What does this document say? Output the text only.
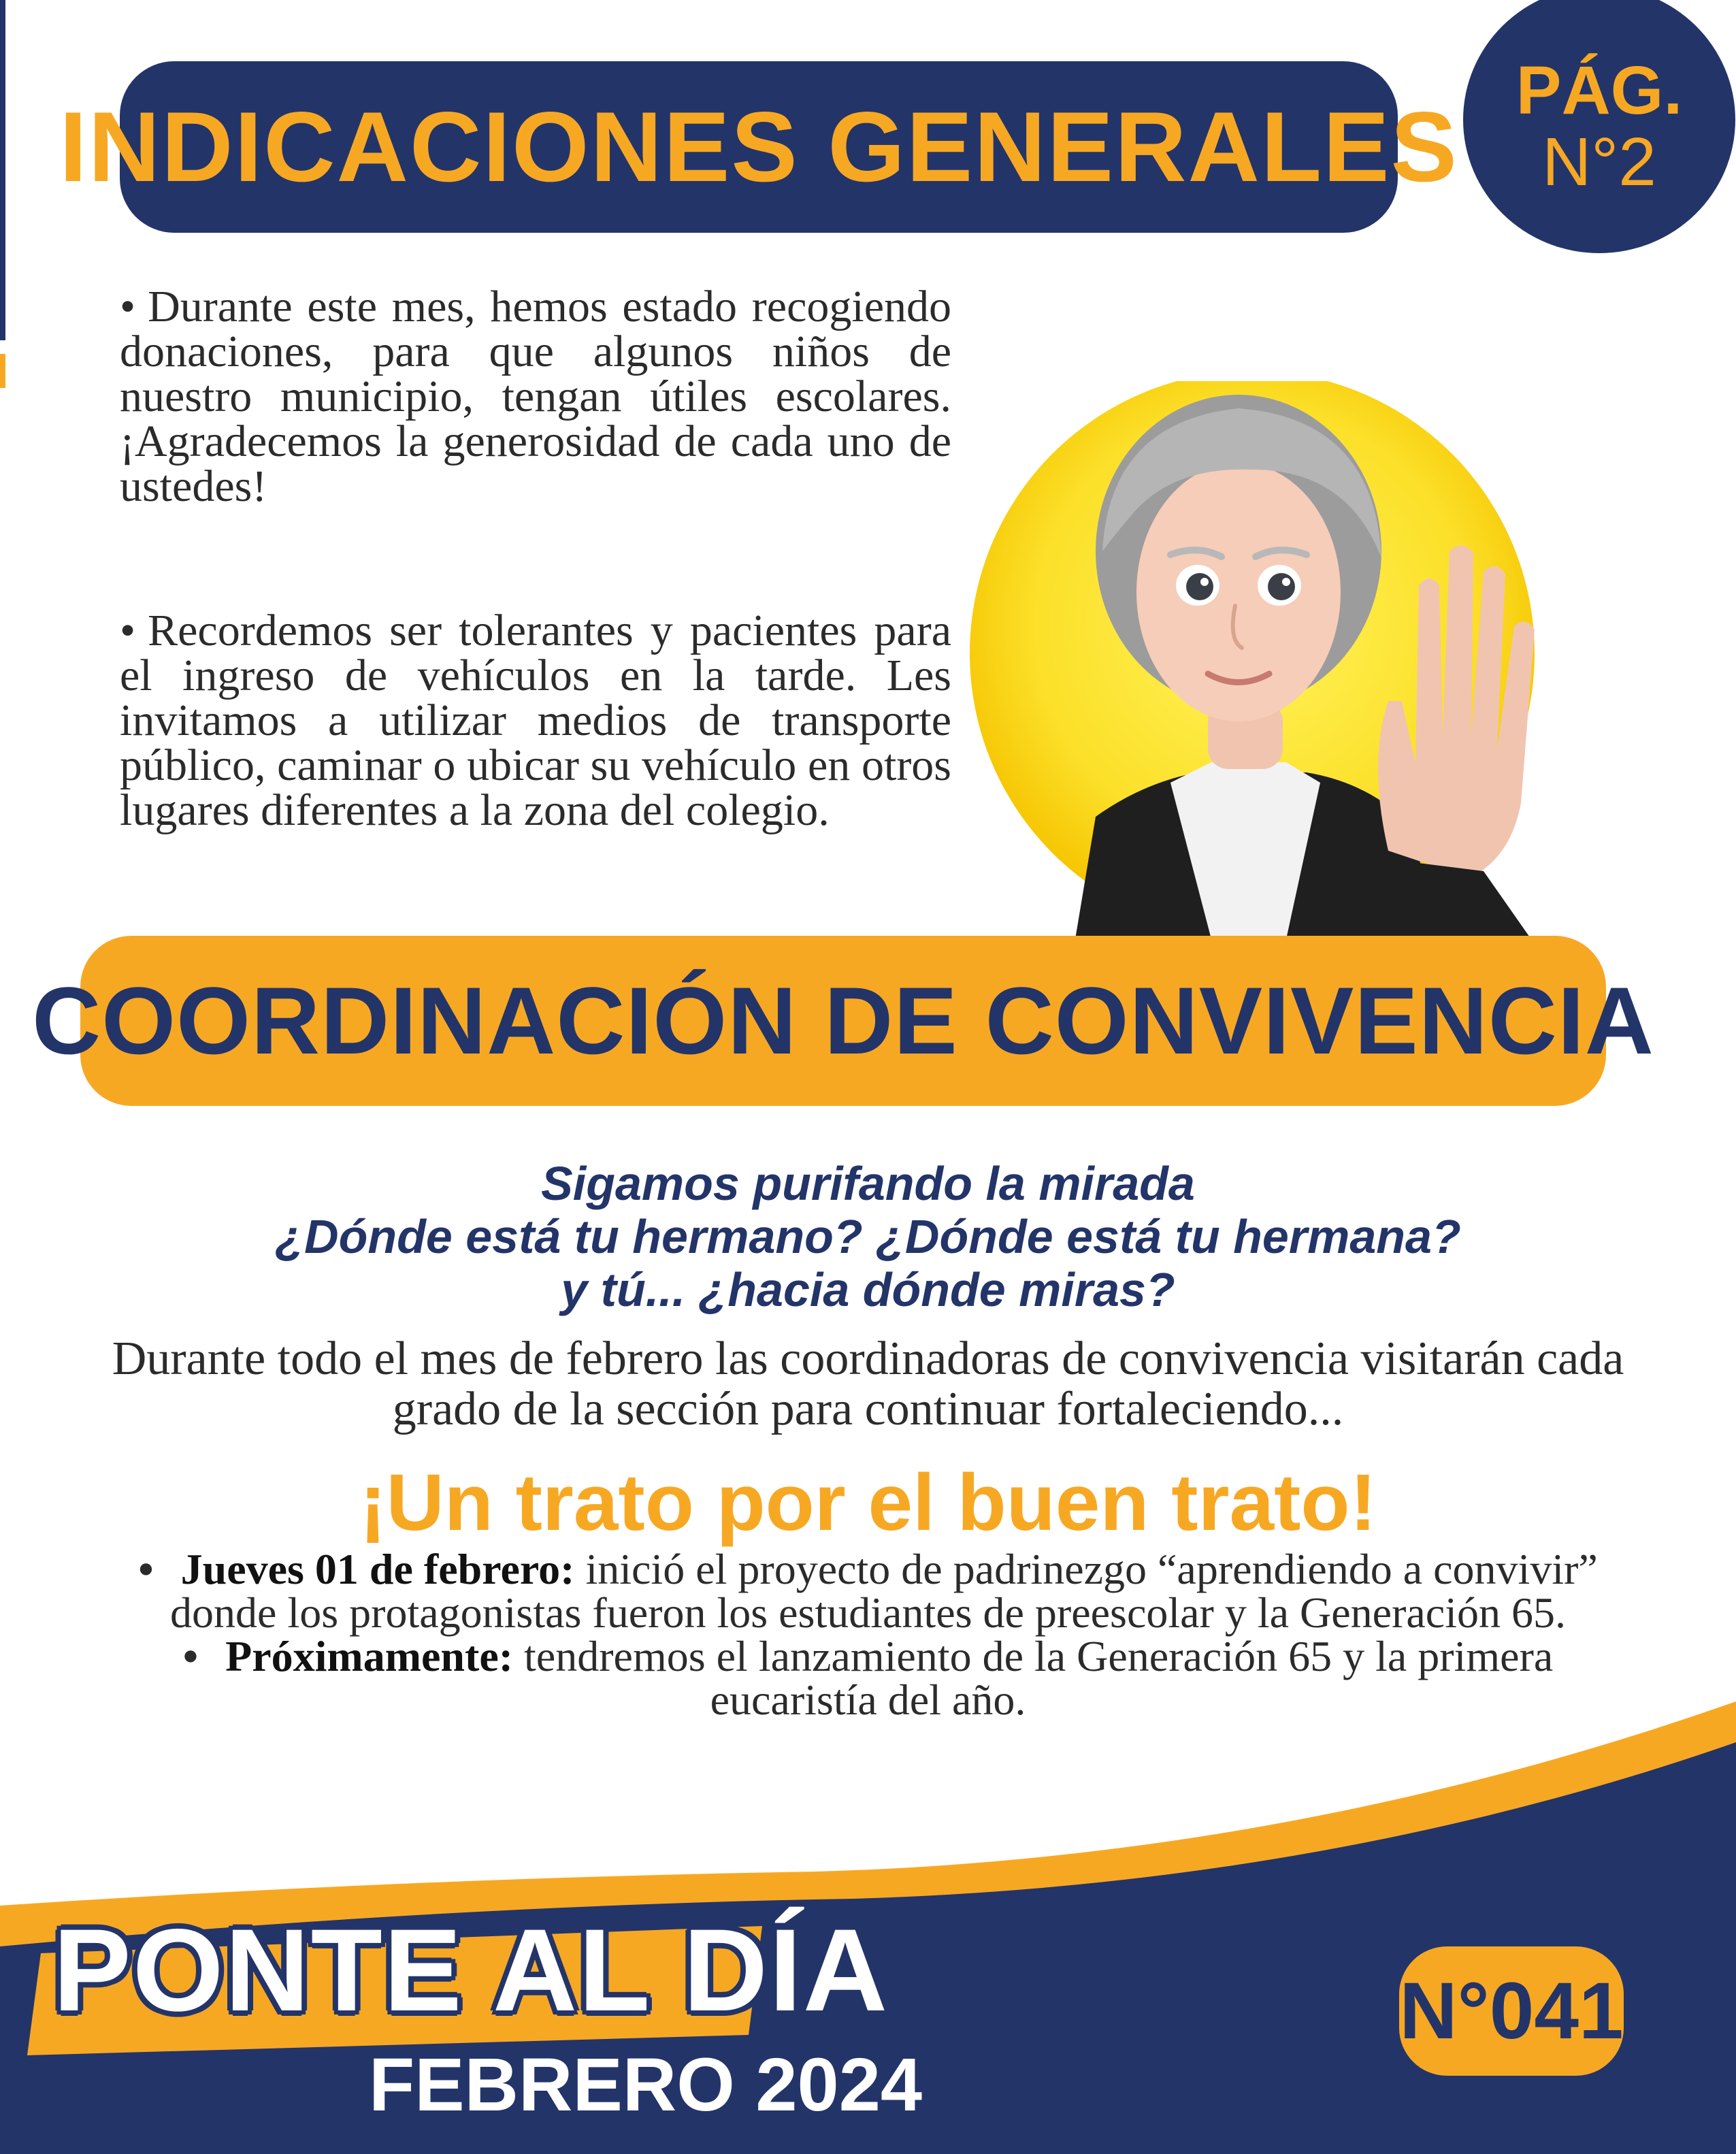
INDICACIONES GENERALES
PÁG.
N°2
• Durante este mes, hemos estado recogiendo donaciones, para que algunos niños de nuestro municipio, tengan útiles escolares. ¡Agradecemos la generosidad de cada uno de ustedes!
• Recordemos ser tolerantes y pacientes para el ingreso de vehículos en la tarde. Les invitamos a utilizar medios de transporte público, caminar o ubicar su vehículo en otros lugares diferentes a la zona del colegio.
COORDINACIÓN DE CONVIVENCIA
Sigamos purifando la mirada
¿Dónde está tu hermano? ¿Dónde está tu hermana?
y tú... ¿hacia dónde miras?
Durante todo el mes de febrero las coordinadoras de convivencia visitarán cada grado de la sección para continuar fortaleciendo...
¡Un trato por el buen trato!

• Jueves 01 de febrero: inició el proyecto de padrinezgo “aprendiendo a convivir” donde los protagonistas fueron los estudiantes de preescolar y la Generación 65.

• Próximamente: tendremos el lanzamiento de la Generación 65 y la primera eucaristía del año.

PONTE AL DÍA
FEBRERO 2024
N°041
